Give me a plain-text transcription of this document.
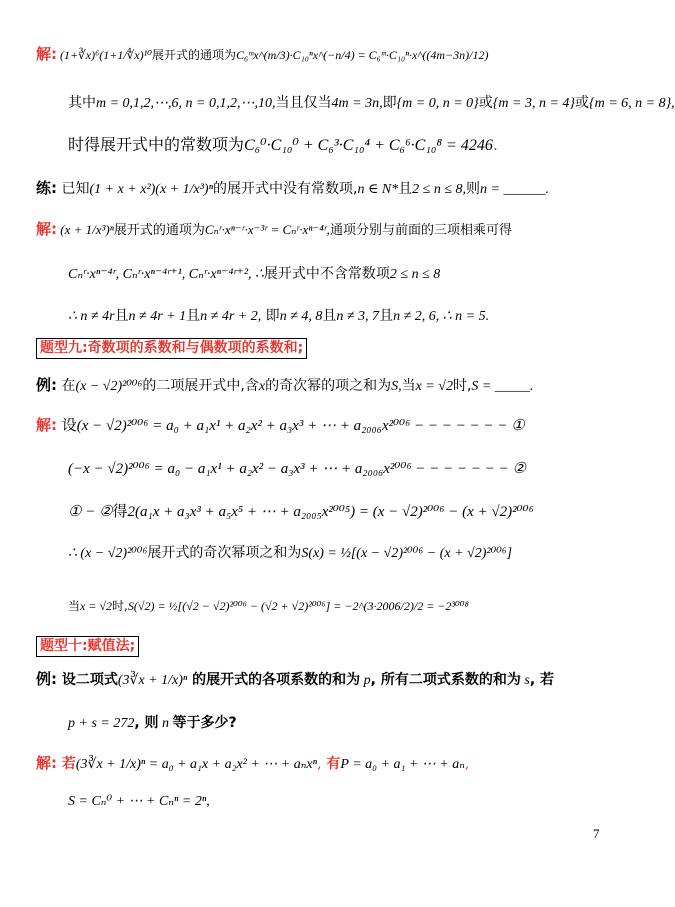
题型九:奇数项的系数和与偶数项的系数和;
题型十:赋值法;
解: (1+∛x)⁶(1+1/∜x)¹⁰展开式的通项为C₆ᵐx^(m/3)·C₁₀ⁿx^(−n/4) = C₆ᵐ·C₁₀ⁿ·x^((4m−3n)/12)
其中m = 0,1,2,⋯,6, n = 0,1,2,⋯,10,当且仅当4m = 3n,即{m = 0, n = 0}或{m = 3, n = 4}或{m = 6, n = 8},
时得展开式中的常数项为C₆⁰·C₁₀⁰ + C₆³·C₁₀⁴ + C₆⁶·C₁₀⁸ = 4246.
练: 已知(1 + x + x²)(x + 1/x³)ⁿ的展开式中没有常数项,n ∈ N*且2 ≤ n ≤ 8,则n = ______.
解: (x + 1/x³)ⁿ展开式的通项为Cₙʳ·xⁿ⁻ʳ·x⁻³ʳ = Cₙʳ·xⁿ⁻⁴ʳ,通项分别与前面的三项相乘可得
Cₙʳ·xⁿ⁻⁴ʳ, Cₙʳ·xⁿ⁻⁴ʳ⁺¹, Cₙʳ·xⁿ⁻⁴ʳ⁺², ∴展开式中不含常数项2 ≤ n ≤ 8
∴ n ≠ 4r且n ≠ 4r + 1且n ≠ 4r + 2, 即n ≠ 4, 8且n ≠ 3, 7且n ≠ 2, 6, ∴ n = 5.
例: 在(x − √2)²⁰⁰⁶的二项展开式中,含x的奇次幂的项之和为S,当x = √2时,S = _____.
解: 设(x − √2)²⁰⁰⁶ = a₀ + a₁x¹ + a₂x² + a₃x³ + ⋯ + a₂₀₀₆x²⁰⁰⁶ − − − − − − − ①
(−x − √2)²⁰⁰⁶ = a₀ − a₁x¹ + a₂x² − a₃x³ + ⋯ + a₂₀₀₆x²⁰⁰⁶ − − − − − − − ②
① − ②得2(a₁x + a₃x³ + a₅x⁵ + ⋯ + a₂₀₀₅x²⁰⁰⁵) = (x − √2)²⁰⁰⁶ − (x + √2)²⁰⁰⁶
∴ (x − √2)²⁰⁰⁶展开式的奇次幂项之和为S(x) = ½[(x − √2)²⁰⁰⁶ − (x + √2)²⁰⁰⁶]
当x = √2时,S(√2) = ½[(√2 − √2)²⁰⁰⁶ − (√2 + √2)²⁰⁰⁶] = −2^(3·2006/2)/2 = −2³⁰⁰⁸
例: 设二项式(3∛x + 1/x)ⁿ 的展开式的各项系数的和为 p, 所有二项式系数的和为 s, 若
p + s = 272, 则 n 等于多少?
解: 若(3∛x + 1/x)ⁿ = a₀ + a₁x + a₂x² + ⋯ + aₙxⁿ, 有P = a₀ + a₁ + ⋯ + aₙ,
S = Cₙ⁰ + ⋯ + Cₙⁿ = 2ⁿ,
7
